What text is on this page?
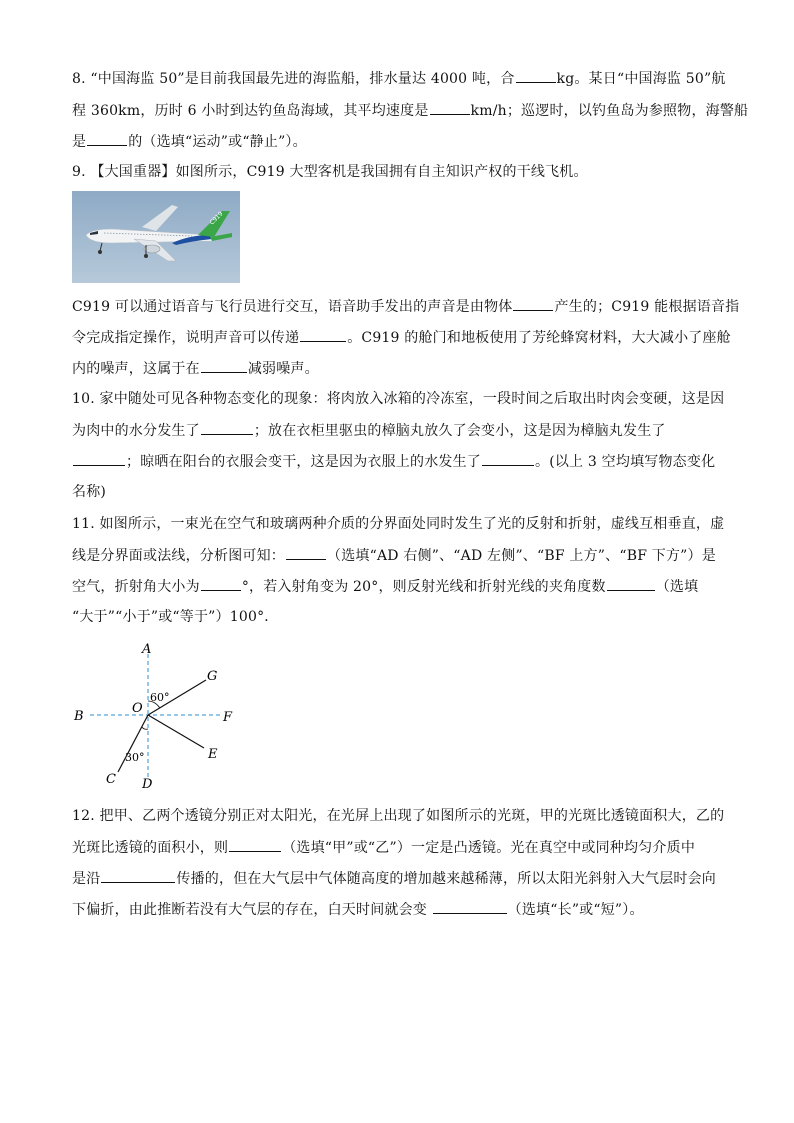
8. “中国海监 50”是目前我国最先进的海监船，排水量达 4000 吨，合	kg。某日“中国海监 50”航
程 360km，历时 6 小时到达钓鱼岛海域，其平均速度是	km/h；巡逻时，以钓鱼岛为参照物，海警船
是	的（选填“运动”或“静止”）。
9. 【大国重器】如图所示，C919 大型客机是我国拥有自主知识产权的干线飞机。
C919
C919 可以通过语音与飞行员进行交互，语音助手发出的声音是由物体	产生的；C919 能根据语音指
令完成指定操作，说明声音可以传递	。C919 的舱门和地板使用了芳纶蜂窝材料，大大减小了座舱
内的噪声，这属于在	减弱噪声。
10. 家中随处可见各种物态变化的现象：将肉放入冰箱的冷冻室，一段时间之后取出时肉会变硬，这是因
为肉中的水分发生了	；放在衣柜里驱虫的樟脑丸放久了会变小，这是因为樟脑丸发生了
；晾晒在阳台的衣服会变干，这是因为衣服上的水发生了	。(以上 3 空均填写物态变化
名称)
11. 如图所示，一束光在空气和玻璃两种介质的分界面处同时发生了光的反射和折射，虚线互相垂直，虚
线是分界面或法线，分析图可知：	（选填“AD 右侧”、“AD 左侧”、“BF 上方”、“BF 下方”）是
空气，折射角大小为	°，若入射角变为 20°，则反射光线和折射光线的夹角度数	（选填
“大于”“小于”或“等于”）100°．
A
B
C D
E
F
G
O
60°
30°
12. 把甲、乙两个透镜分别正对太阳光，在光屏上出现了如图所示的光斑，甲的光斑比透镜面积大，乙的
光斑比透镜的面积小，则	（选填“甲”或“乙”）一定是凸透镜。光在真空中或同种均匀介质中
是沿	传播的，但在大气层中气体随高度的增加越来越稀薄，所以太阳光斜射入大气层时会向
下偏折，由此推断若没有大气层的存在，白天时间就会变	（选填“长”或“短”）。
